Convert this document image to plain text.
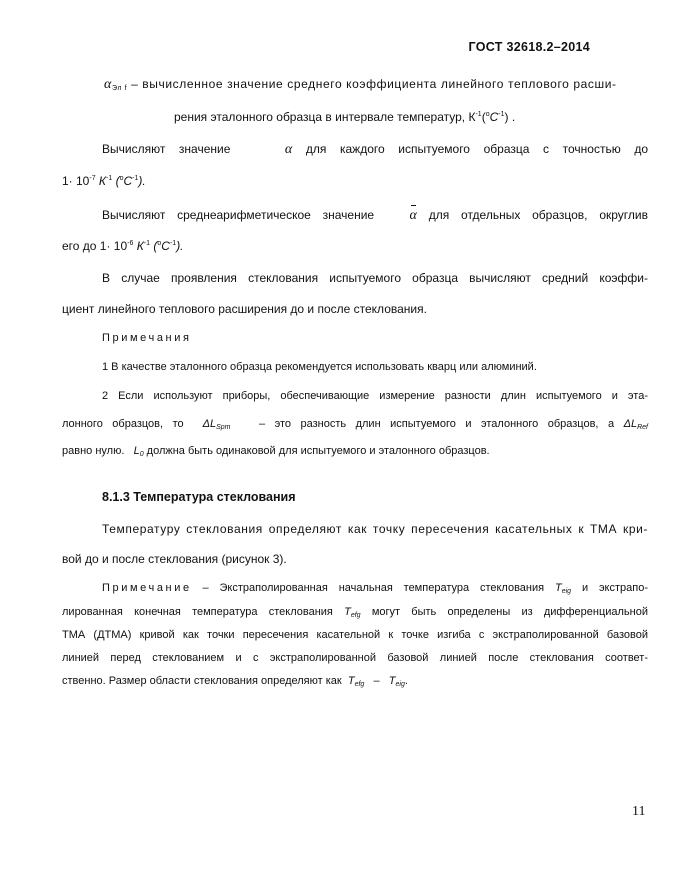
ГОСТ 32618.2–2014
$\alpha_{Эл f}$ – вычисленное значение среднего коэффициента линейного теплового расши-
рения эталонного образца в интервале температур, $К^{-1}(^oС^{-1})$ .
Вычисляют значение	α для каждого испытуемого образца с точностью до
$1\cdot 10^{-7}$ $К^{-1}$ $(^oС^{-1})$.
Вычисляют среднеарифметическое значение	α для отдельных образцов, округлив
его до $1\cdot 10^{-6}$ $К^{-1}$ $(^oС^{-1})$.
В случае проявления стеклования испытуемого образца вычисляют средний коэффи-
циент линейного теплового расширения до и после стеклования.
Примечания
1 В качестве эталонного образца рекомендуется использовать кварц или алюминий.
2 Если используют приборы, обеспечивающие измерение разности длин испытуемого и эта-
лонного образцов, то $\Delta L_{Spm}$	– это разность длин испытуемого и эталонного образцов, а $\Delta L_{Ref}$
равно нулю. $L_0$ должна быть одинаковой для испытуемого и эталонного образцов.
8.1.3 Температура стеклования
Температуру стеклования определяют как точку пересечения касательных к ТМА кри-
вой до и после стеклования (рисунок 3).
Примечание – Экстраполированная начальная температура стеклования $T_{eig}$ и экстрапо-
лированная конечная температура стеклования $T_{efg}$ могут быть определены из дифференциальной
ТМА (ДТМА) кривой как точки пересечения касательной к точке изгиба с экстраполированной базовой
линией перед стеклованием и с экстраполированной базовой линией после стеклования соответ-
ственно. Размер области стеклования определяют как $T_{efg} - T_{eig}$.
11
